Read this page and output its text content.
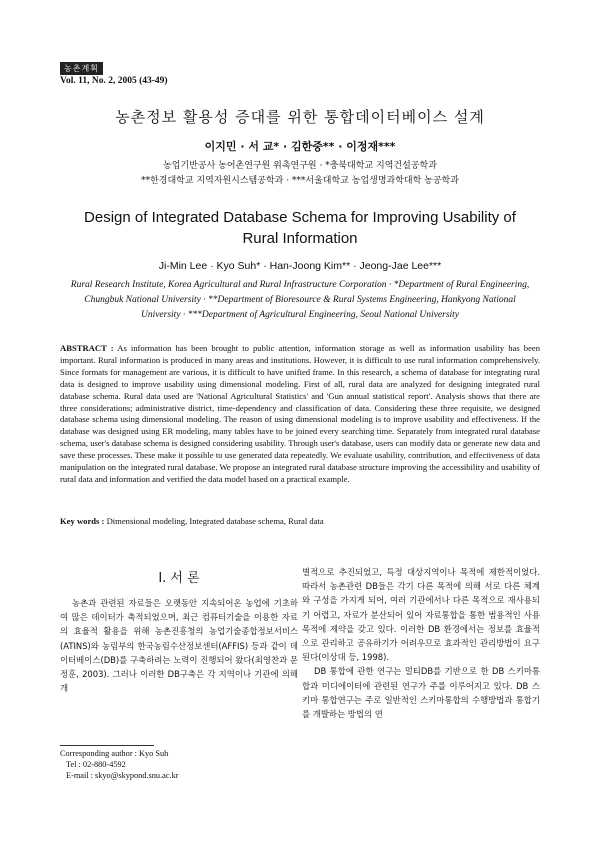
농촌계획
Vol. 11, No. 2, 2005 (43-49)
농촌정보 활용성 증대를 위한 통합데이터베이스 설계
이지민 · 서 교* · 김한중** · 이정재***
농업기반공사 농어촌연구원 위촉연구원 · *충북대학교 지역건설공학과
**한경대학교 지역자원시스템공학과 · ***서울대학교 농업생명과학대학 농공학과
Design of Integrated Database Schema for Improving Usability of Rural Information
Ji-Min Lee · Kyo Suh* · Han-Joong Kim** · Jeong-Jae Lee***
Rural Research Institute, Korea Agricultural and Rural Infrastructure Corporation · *Department of Rural Engineering, Chungbuk National University · **Department of Bioresource & Rural Systems Engineering, Hankyong National University · ***Department of Agricultural Engineering, Seoul National University
ABSTRACT : As information has been brought to public attention, information storage as well as information usability has been important. Rural information is produced in many areas and institutions. However, it is difficult to use rural information comprehensively. Since formats for management are various, it is difficult to have unified frame. In this research, a schema of database for integrating rural data is designed to improve usability using dimensional modeling. First of all, rural data are analyzed for designing integrated rural database schema. Rural data used are 'National Agricultural Statistics' and 'Gun annual statistical report'. Analysis shows that there are three considerations; administrative district, time-dependency and classification of data. Considering these three requisite, we designed database schema using dimensional modeling. The reason of using dimensional modeling is to improve usability and effectiveness. If the database was designed using ER modeling, many tables have to be joined every searching time. Separately from integrated rural database schema, user's database schema is designed considering usability. Through user's database, users can modify data or generate new data and save these processes. These make it possible to use generated data repeatedly. We evaluate usability, contribution, and effectiveness of data manipulation on the integrated rural database. We propose an integrated rural database structure improving the accessibility and usability of rural data and information and verified the data model based on a practical example.
Key words : Dimensional modeling, Integrated database schema, Rural data
Ⅰ. 서 론

농촌과 관련된 자료들은 오랫동안 지속되어온 농업에 기초하여 많은 데이터가 축적되었으며, 최근 컴퓨터기술을 이용한 자료의 효율적 활용을 위해 농촌진흥청의 농업기술종합정보서비스(ATINS)와 농림부의 한국농림수산정보센터(AFFIS) 등과 같이 데이터베이스(DB)를 구축하려는 노력이 진행되어 왔다(최영찬과 문정훈, 2003). 그러나 이러한 DB구축은 각 지역이나 기관에 의해 개

별적으로 추진되었고, 특정 대상지역이나 목적에 제한적이었다. 따라서 농촌관련 DB들은 각기 다른 목적에 의해 서로 다른 체계와 구성을 가지게 되어, 여러 기관에서나 다른 목적으로 재사용되기 어렵고, 자료가 분산되어 있어 자료통합을 통한 범용적인 사용목적에 제약을 갖고 있다. 이러한 DB 환경에서는 정보를 효율적으로 관리하고 공유하기가 어려우므로 효과적인 관리방법이 요구된다(이상대 등, 1998).

DB 통합에 관한 연구는 멀티DB를 기반으로 한 DB 스키마통합과 미디에이터에 관련된 연구가 주를 이루어지고 있다. DB 스키마 통합연구는 주로 일반적인 스키마통합의 수행방법과 통합기를 개발하는 방법의 연

Corresponding author : Kyo Suh
Tel : 02-880-4592
E-mail : skyo@skypond.snu.ac.kr
